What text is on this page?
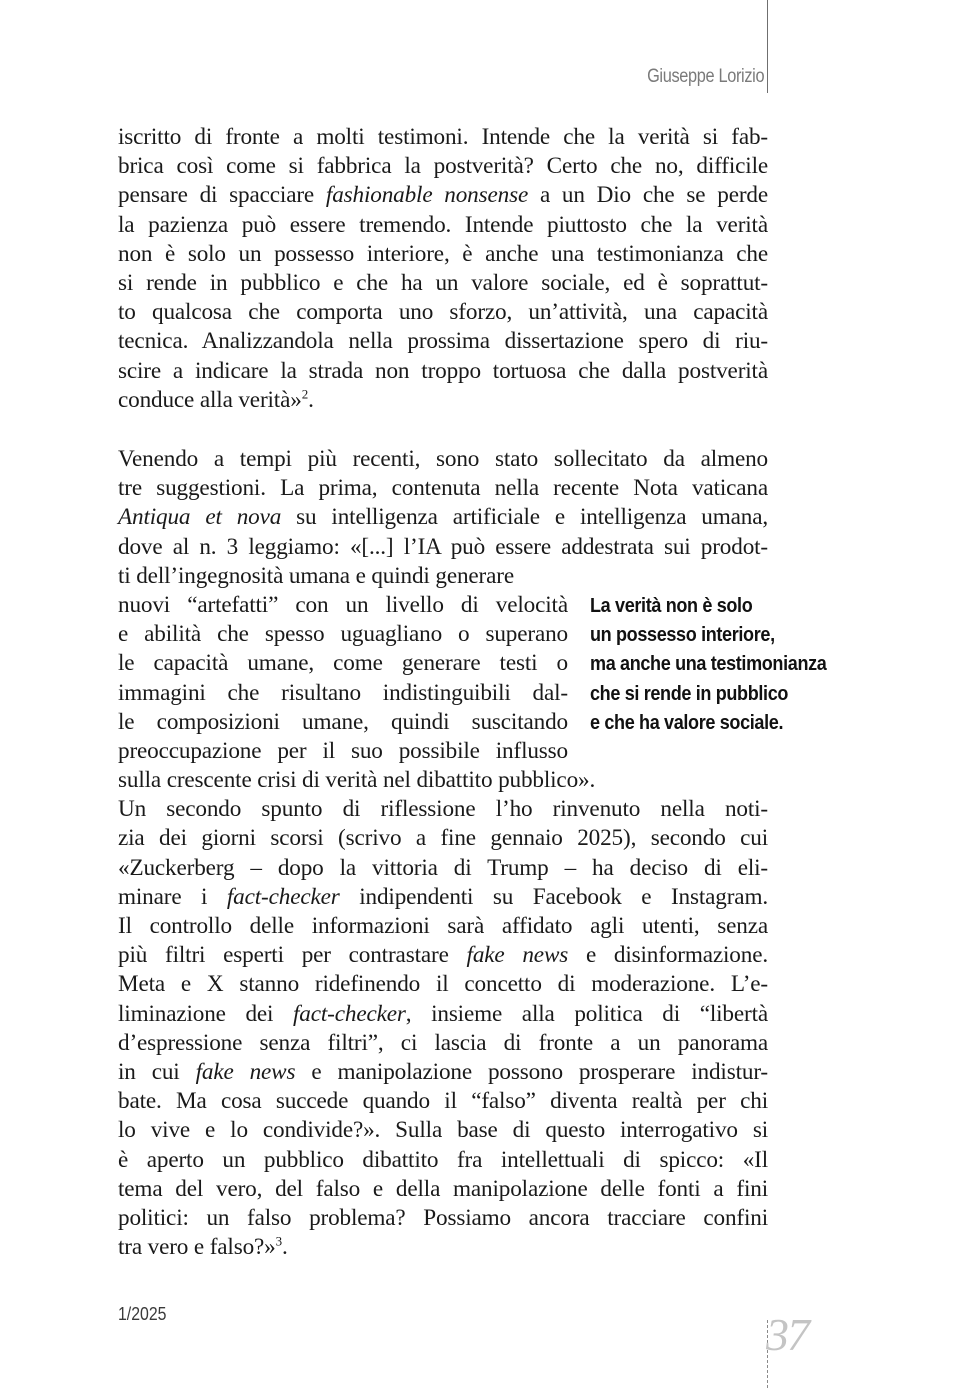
Giuseppe Lorizio
iscritto di fronte a molti testimoni. Intende che la verità si fab-
brica così come si fabbrica la postverità? Certo che no, difficile
pensare di spacciare fashionable nonsense a un Dio che se perde
la pazienza può essere tremendo. Intende piuttosto che la verità
non è solo un possesso interiore, è anche una testimonianza che
si rende in pubblico e che ha un valore sociale, ed è soprattut-
to qualcosa che comporta uno sforzo, un’attività, una capacità
tecnica. Analizzandola nella prossima dissertazione spero di riu-
scire a indicare la strada non troppo tortuosa che dalla postverità
conduce alla verità»$^2$.
Venendo a tempi più recenti, sono stato sollecitato da almeno
tre suggestioni. La prima, contenuta nella recente Nota vaticana
Antiqua et nova su intelligenza artificiale e intelligenza umana,
dove al n. 3 leggiamo: «[...] l’IA può essere addestrata sui prodot-
ti dell’ingegnosità umana e quindi generare
nuovi “artefatti” con un livello di velocità
e abilità che spesso uguagliano o superano
le capacità umane, come generare testi o
immagini che risultano indistinguibili dal-
le composizioni umane, quindi suscitando
preoccupazione per il suo possibile influsso
sulla crescente crisi di verità nel dibattito pubblico».
Un secondo spunto di riflessione l’ho rinvenuto nella noti-
zia dei giorni scorsi (scrivo a fine gennaio 2025), secondo cui
«Zuckerberg – dopo la vittoria di Trump – ha deciso di eli-
minare i fact-checker indipendenti su Facebook e Instagram.
Il controllo delle informazioni sarà affidato agli utenti, senza
più filtri esperti per contrastare fake news e disinformazione.
Meta e X stanno ridefinendo il concetto di moderazione. L’e-
liminazione dei fact-checker, insieme alla politica di “libertà
d’espressione senza filtri”, ci lascia di fronte a un panorama
in cui fake news e manipolazione possono prosperare indistur-
bate. Ma cosa succede quando il “falso” diventa realtà per chi
lo vive e lo condivide?». Sulla base di questo interrogativo si
è aperto un pubblico dibattito fra intellettuali di spicco: «Il
tema del vero, del falso e della manipolazione delle fonti a fini
politici: un falso problema? Possiamo ancora tracciare confini
tra vero e falso?»$^3$.
La verità non è solo
un possesso interiore,
ma anche una testimonianza
che si rende in pubblico
e che ha valore sociale.
1/2025	37
